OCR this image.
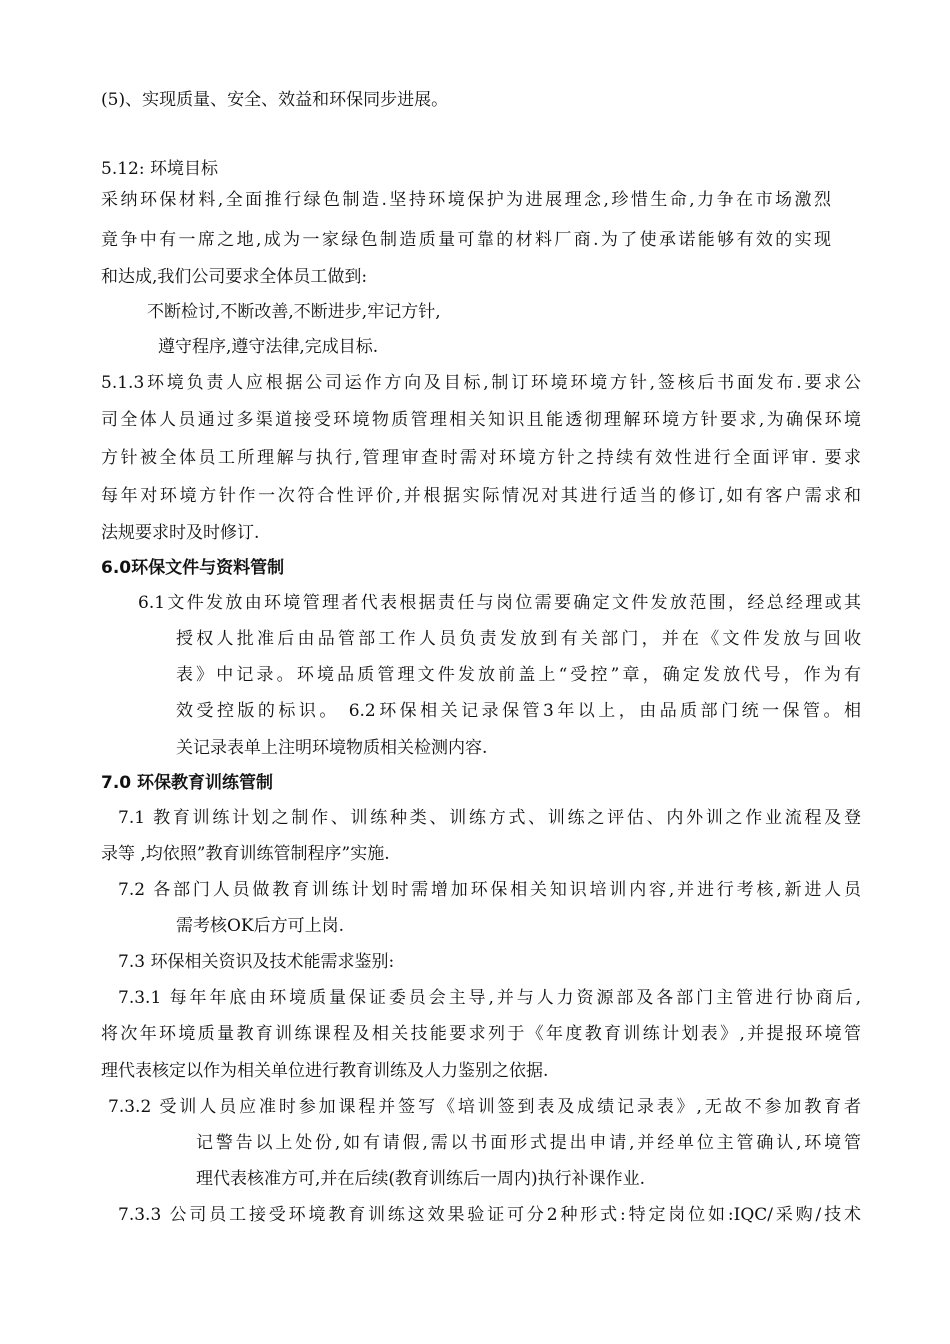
(5)、实现质量、安全、效益和环保同步进展。

5.12: 环境目标

采纳环保材料,全面推行绿色制造.坚持环境保护为进展理念,珍惜生命,力争在市场激烈

竟争中有一席之地,成为一家绿色制造质量可靠的材料厂商.为了使承诺能够有效的实现

和达成,我们公司要求全体员工做到:

不断检讨,不断改善,不断进步,牢记方针,

遵守程序,遵守法律,完成目标.

5.1.3环境负责人应根据公司运作方向及目标,制订环境环境方针,签核后书面发布.要求公

司全体人员通过多渠道接受环境物质管理相关知识且能透彻理解环境方针要求,为确保环境

方针被全体员工所理解与执行,管理审查时需对环境方针之持续有效性进行全面评审. 要求

每年对环境方针作一次符合性评价,并根据实际情况对其进行适当的修订,如有客户需求和

法规要求时及时修订.

6.0环保文件与资料管制

6.1文件发放由环境管理者代表根据责任与岗位需要确定文件发放范围，经总经理或其

授权人批准后由品管部工作人员负责发放到有关部门，并在《文件发放与回收

表》中记录。环境品质管理文件发放前盖上“受控”章，确定发放代号，作为有

效受控版的标识。 6.2环保相关记录保管3年以上，由品质部门统一保管。相

关记录表单上注明环境物质相关检测内容.

7.0 环保教育训练管制

7.1 教育训练计划之制作、训练种类、训练方式、训练之评估、内外训之作业流程及登

录等 ,均依照”教育训练管制程序”实施.

7.2 各部门人员做教育训练计划时需增加环保相关知识培训内容,并进行考核,新进人员

需考核OK后方可上岗.

7.3 环保相关资识及技术能需求鉴别:

7.3.1 每年年底由环境质量保证委员会主导,并与人力资源部及各部门主管进行协商后,

将次年环境质量教育训练课程及相关技能要求列于《年度教育训练计划表》,并提报环境管

理代表核定以作为相关单位进行教育训练及人力鉴别之依据.

7.3.2 受训人员应准时参加课程并签写《培训签到表及成绩记录表》,无故不参加教育者

记警告以上处份,如有请假,需以书面形式提出申请,并经单位主管确认,环境管

理代表核准方可,并在后续(教育训练后一周内)执行补课作业.

7.3.3 公司员工接受环境教育训练这效果验证可分2种形式:特定岗位如:IQC/采购/技术
